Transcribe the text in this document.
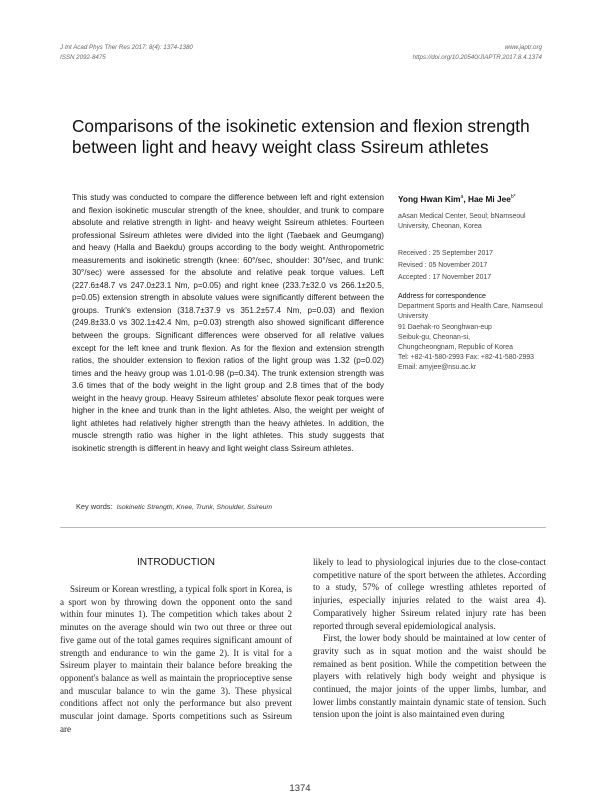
J Int Acad Phys Ther Res 2017; 8(4): 1374-1380
ISSN 2092-8475
www.japtr.org
https://doi.org/10.20540/JIAPTR.2017.8.4.1374
Comparisons of the isokinetic extension and flexion strength between light and heavy weight class Ssireum athletes

This study was conducted to compare the difference between left and right extension and flexion isokinetic muscular strength of the knee, shoulder, and trunk to compare absolute and relative strength in light- and heavy weight Ssireum athletes. Fourteen professional Ssireum athletes were divided into the light (Taebaek and Geumgang) and heavy (Halla and Baekdu) groups according to the body weight. Anthropometric measurements and isokinetic strength (knee: 60°/sec, shoulder: 30°/sec, and trunk: 30°/sec) were assessed for the absolute and relative peak torque values. Left (227.6±48.7 vs 247.0±23.1 Nm, p=0.05) and right knee (233.7±32.0 vs 266.1±20.5, p=0.05) extension strength in absolute values were significantly different between the groups. Trunk's extension (318.7±37.9 vs 351.2±57.4 Nm, p=0.03) and flexion (249.8±33.0 vs 302.1±42.4 Nm, p=0.03) strength also showed significant difference between the groups. Significant differences were observed for all relative values except for the left knee and trunk flexion. As for the flexion and extension strength ratios, the shoulder extension to flexion ratios of the light group was 1.32 (p=0.02) times and the heavy group was 1.01-0.98 (p=0.34). The trunk extension strength was 3.6 times that of the body weight in the light group and 2.8 times that of the body weight in the heavy group. Heavy Ssireum athletes' absolute flexor peak torques were higher in the knee and trunk than in the light athletes. Also, the weight per weight of light athletes had relatively higher strength than the heavy athletes. In addition, the muscle strength ratio was higher in the light athletes. This study suggests that isokinetic strength is different in heavy and light weight class Ssireum athletes.

Yong Hwan Kim$^a$, Hae Mi Jee$^{b*}$

aAsan Medical Center, Seoul; bNamseoul University, Cheonan, Korea

Received : 25 September 2017
Revised : 05 November 2017
Accepted : 17 November 2017
Address for correspondence
Department Sports and Health Care, Namseoul University
91 Daehak-ro Seonghwan-eup
Seibuk-gu, Cheonan-si,
Chungcheongnam, Republic of Korea
Tel: +82-41-580-2993 Fax: +82-41-580-2993
Email: amyjee@nsu.ac.kr
Key words: Isokinetic Strength, Knee, Trunk, Shoulder, Ssireum
INTRODUCTION

Ssireum or Korean wrestling, a typical folk sport in Korea, is a sport won by throwing down the opponent onto the sand within four minutes 1). The competition which takes about 2 minutes on the average should win two out three or three out five game out of the total games requires significant amount of strength and endurance to win the game 2). It is vital for a Ssireum player to maintain their balance before breaking the opponent's balance as well as maintain the proprioceptive sense and muscular balance to win the game 3). These physical conditions affect not only the performance but also prevent muscular joint damage. Sports competitions such as Ssireum are

likely to lead to physiological injuries due to the close-contact competitive nature of the sport between the athletes. According to a study, 57% of college wrestling athletes reported of injuries, especially injuries related to the waist area 4). Comparatively higher Ssireum related injury rate has been reported through several epidemiological analysis.

First, the lower body should be maintained at low center of gravity such as in squat motion and the waist should be remained as bent position. While the competition between the players with relatively high body weight and physique is continued, the major joints of the upper limbs, lumbar, and lower limbs constantly maintain dynamic state of tension. Such tension upon the joint is also maintained even during

1374
